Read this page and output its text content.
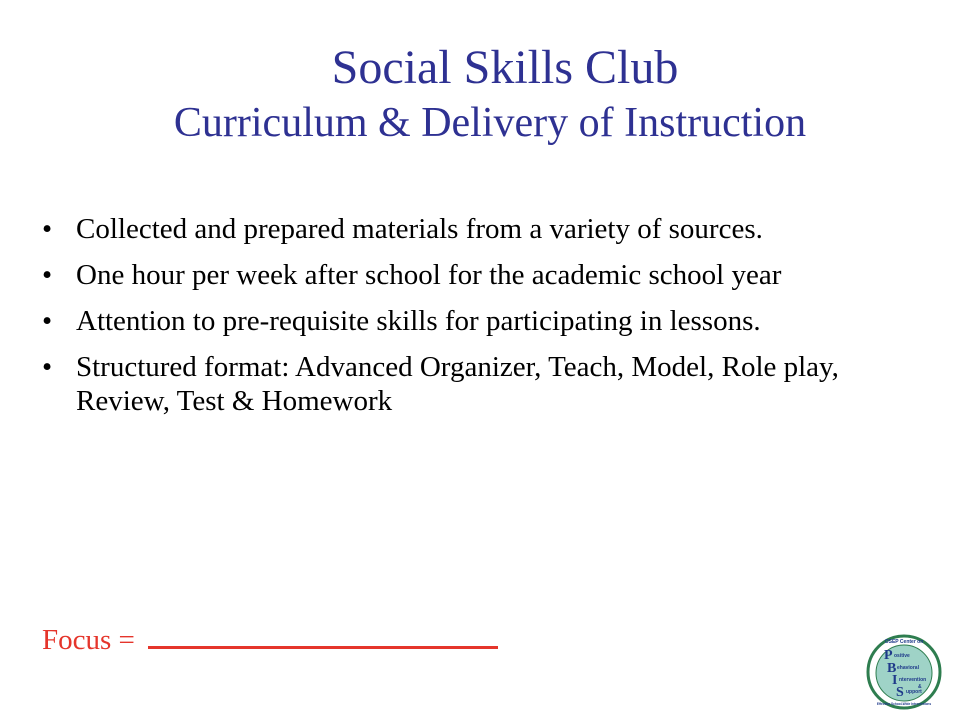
Social Skills Club
Curriculum & Delivery of Instruction
• Collected and prepared materials from a variety of sources.
• One hour per week after school for the academic school year
• Attention to pre-requisite skills for participating in lessons.
• Structured format: Advanced Organizer, Teach, Model, Role play, Review, Test & Homework
Focus =	OSEP Center on
P ositive
B ehavioral
I ntervention
&
S upport
Effective School-Wide Interventions
